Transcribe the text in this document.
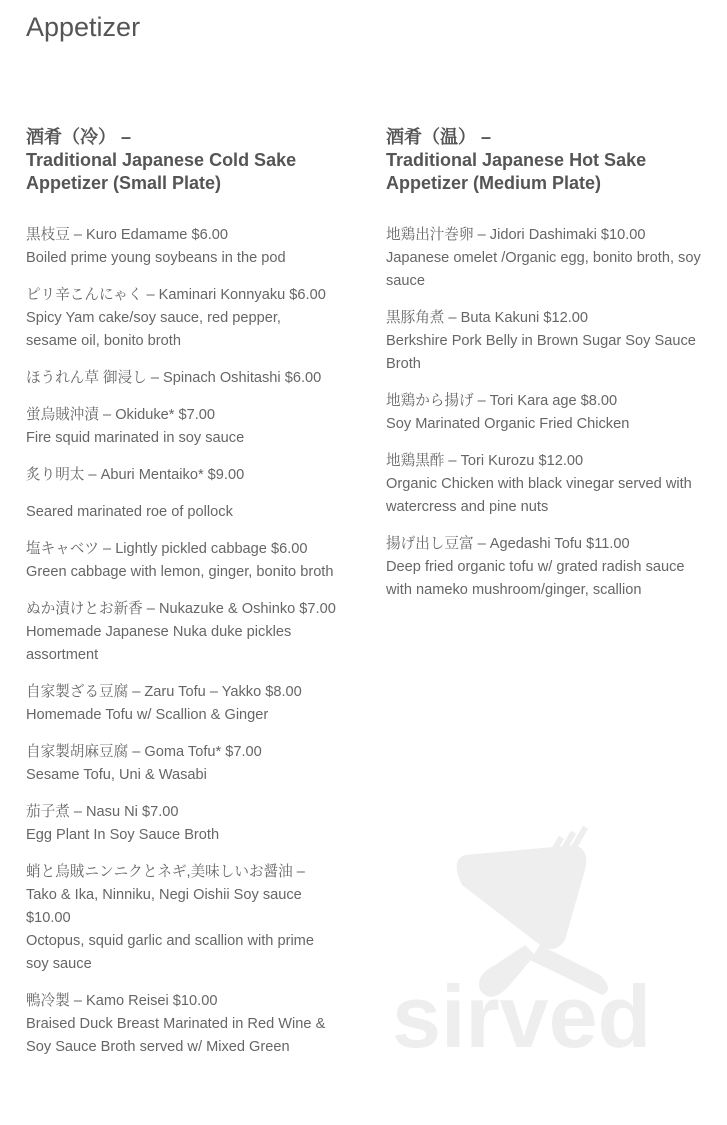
Appetizer
酒肴（冷） –
Traditional Japanese Cold Sake Appetizer (Small Plate)

黒枝豆 – Kuro Edamame $6.00
Boiled prime young soybeans in the pod

ピリ辛こんにゃく – Kaminari Konnyaku $6.00
Spicy Yam cake/soy sauce, red pepper, sesame oil, bonito broth

ほうれん草 御浸し – Spinach Oshitashi $6.00

蛍烏賊沖漬 – Okiduke* $7.00
Fire squid marinated in soy sauce

炙り明太 – Aburi Mentaiko* $9.00

Seared marinated roe of pollock

塩キャベツ – Lightly pickled cabbage $6.00
Green cabbage with lemon, ginger, bonito broth

ぬか漬けとお新香 – Nukazuke & Oshinko $7.00
Homemade Japanese Nuka duke pickles assortment

自家製ざる豆腐 – Zaru Tofu – Yakko $8.00
Homemade Tofu w/ Scallion & Ginger

自家製胡麻豆腐 – Goma Tofu* $7.00
Sesame Tofu, Uni & Wasabi

茄子煮 – Nasu Ni $7.00
Egg Plant In Soy Sauce Broth

蛸と烏賊ニンニクとネギ,美味しいお醤油 – Tako & Ika, Ninniku, Negi Oishii Soy sauce $10.00
Octopus, squid garlic and scallion with prime soy sauce

鴨冷製 – Kamo Reisei $10.00
Braised Duck Breast Marinated in Red Wine & Soy Sauce Broth served w/ Mixed Green

酒肴（温） –
Traditional Japanese Hot Sake Appetizer (Medium Plate)

地鶏出汁巻卵 – Jidori Dashimaki $10.00
Japanese omelet /Organic egg, bonito broth, soy sauce

黒豚角煮 – Buta Kakuni $12.00
Berkshire Pork Belly in Brown Sugar Soy Sauce Broth

地鶏から揚げ – Tori Kara age $8.00
Soy Marinated Organic Fried Chicken

地鶏黒酢 – Tori Kurozu $12.00
Organic Chicken with black vinegar served with watercress and pine nuts

揚げ出し豆富 – Agedashi Tofu $11.00
Deep fried organic tofu w/ grated radish sauce with nameko mushroom/ginger, scallion

sirved
